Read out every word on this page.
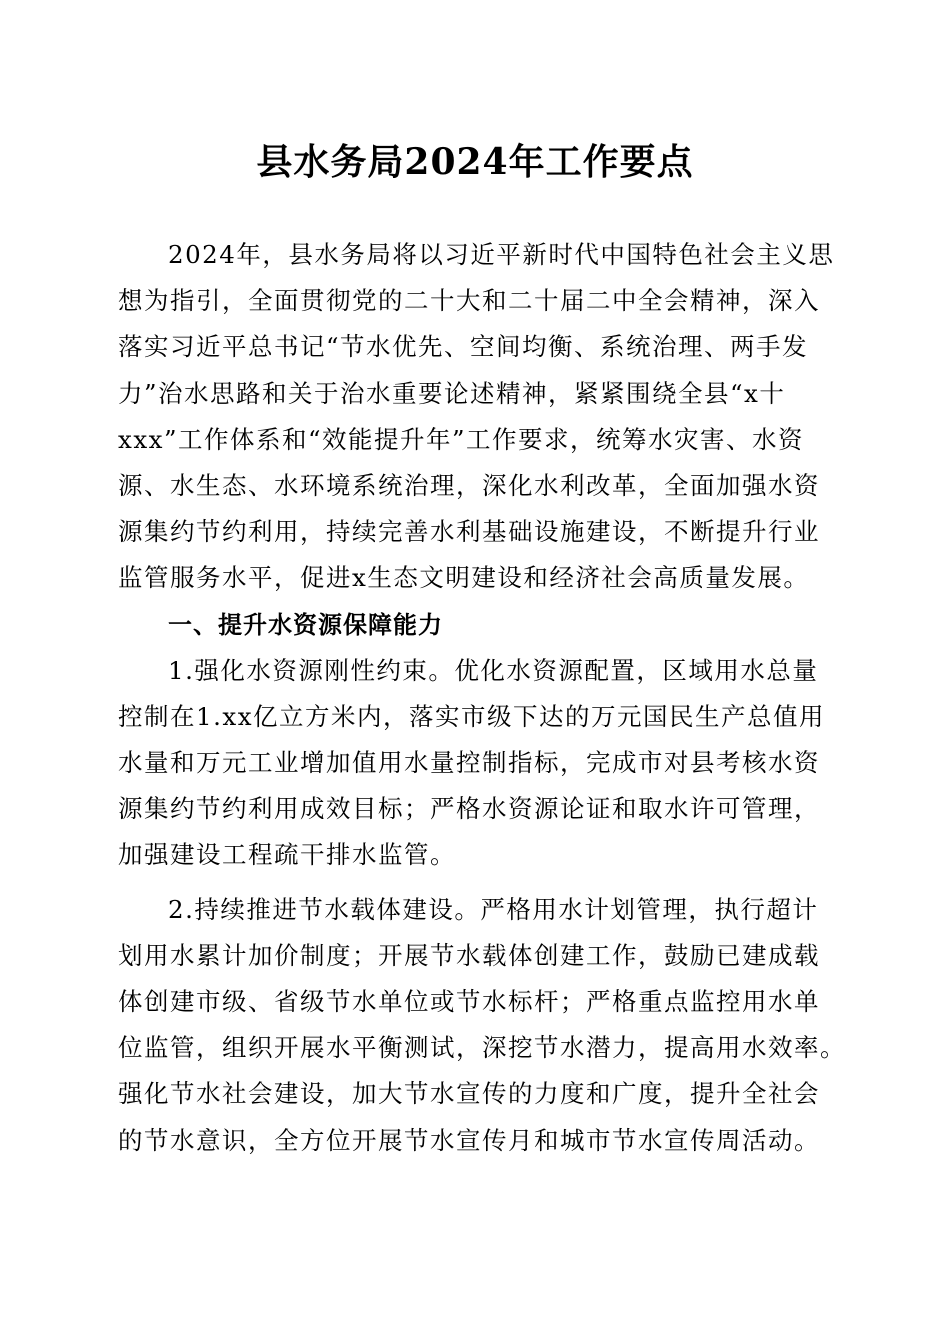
县水务局2024年工作要点
2024年，县水务局将以习近平新时代中国特色社会主义思
想为指引，全面贯彻党的二十大和二十届二中全会精神，深入
落实习近平总书记“节水优先、空间均衡、系统治理、两手发
力”治水思路和关于治水重要论述精神，紧紧围绕全县“x十
xxx”工作体系和“效能提升年”工作要求，统筹水灾害、水资
源、水生态、水环境系统治理，深化水利改革，全面加强水资
源集约节约利用，持续完善水利基础设施建设，不断提升行业
监管服务水平，促进x生态文明建设和经济社会高质量发展。
一、提升水资源保障能力
1.强化水资源刚性约束。优化水资源配置，区域用水总量
控制在1.xx亿立方米内，落实市级下达的万元国民生产总值用
水量和万元工业增加值用水量控制指标，完成市对县考核水资
源集约节约利用成效目标；严格水资源论证和取水许可管理，
加强建设工程疏干排水监管。
2.持续推进节水载体建设。严格用水计划管理，执行超计
划用水累计加价制度；开展节水载体创建工作，鼓励已建成载
体创建市级、省级节水单位或节水标杆；严格重点监控用水单
位监管，组织开展水平衡测试，深挖节水潜力，提高用水效率。
强化节水社会建设，加大节水宣传的力度和广度，提升全社会
的节水意识，全方位开展节水宣传月和城市节水宣传周活动。
